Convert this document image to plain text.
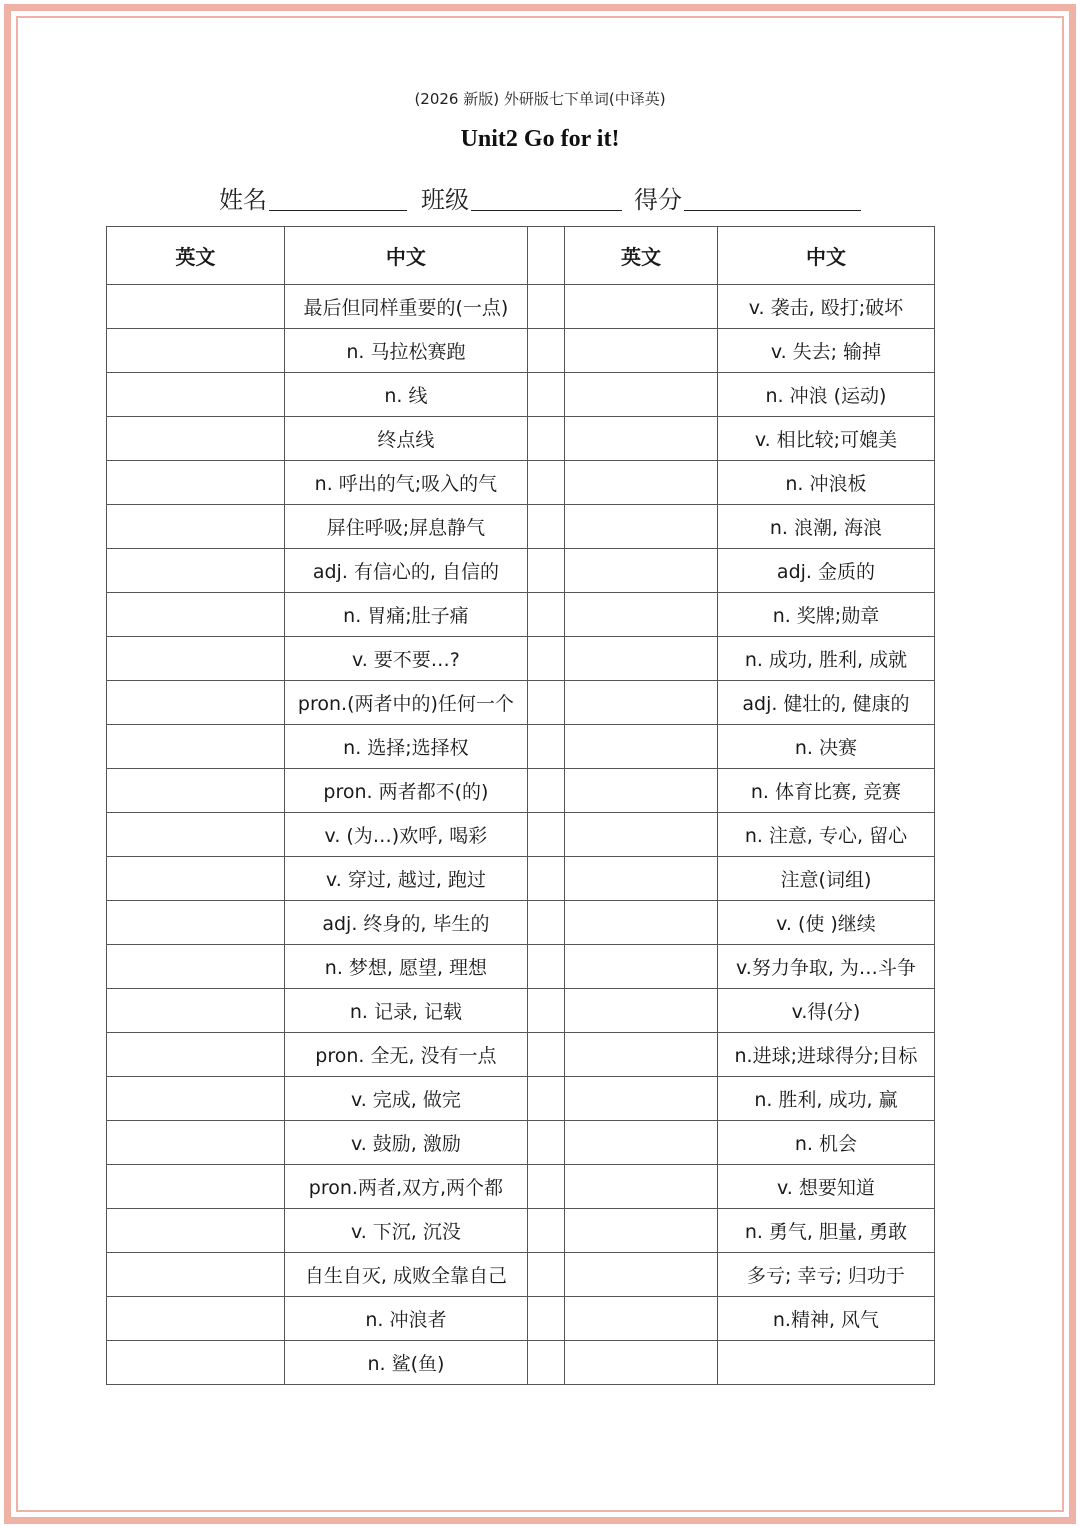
(2026 新版) 外研版七下单词(中译英)
Unit2 Go for it!
姓名	班级	得分
英文	中文		英文	中文
	最后但同样重要的(一点)			v. 袭击, 殴打;破坏
	n. 马拉松赛跑			v. 失去; 输掉
	n. 线			n. 冲浪 (运动)
	终点线			v. 相比较;可媲美
	n. 呼出的气;吸入的气			n. 冲浪板
	屏住呼吸;屏息静气			n. 浪潮, 海浪
	adj. 有信心的, 自信的			adj. 金质的
	n. 胃痛;肚子痛			n. 奖牌;勋章
	v. 要不要…?			n. 成功, 胜利, 成就
	pron.(两者中的)任何一个			adj. 健壮的, 健康的
	n. 选择;选择权			n. 决赛
	pron. 两者都不(的)			n. 体育比赛, 竞赛
	v. (为…)欢呼, 喝彩			n. 注意, 专心, 留心
	v. 穿过, 越过, 跑过			注意(词组)
	adj. 终身的, 毕生的			v. (使 )继续
	n. 梦想, 愿望, 理想			v.努力争取, 为…斗争
	n. 记录, 记载			v.得(分)
	pron. 全无, 没有一点			n.进球;进球得分;目标
	v. 完成, 做完			n. 胜利, 成功, 赢
	v. 鼓励, 激励			n. 机会
	pron.两者,双方,两个都			v. 想要知道
	v. 下沉, 沉没			n. 勇气, 胆量, 勇敢
	自生自灭, 成败全靠自己			多亏; 幸亏; 归功于
	n. 冲浪者			n.精神, 风气
	n. 鲨(鱼)			
